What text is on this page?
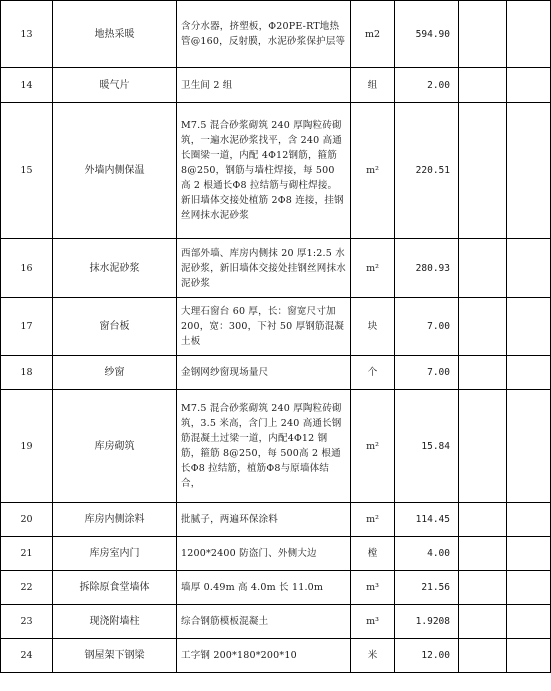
13	地热采暖	含分水器，挤塑板，Φ20PE-RT地热管@160，反射膜，水泥砂浆保护层等	m2	594.90		
14	暖气片	卫生间 2 组	组	2.00		
15	外墙内侧保温	M7.5 混合砂浆砌筑 240 厚陶粒砖砌筑，一遍水泥砂浆找平，含 240 高通长圈梁一道，内配 4Φ12钢筋，箍筋 8@250，钢筋与墙柱焊接，每 500 高 2 根通长Φ8 拉结筋与砌柱焊接。新旧墙体交接处植筋 2Φ8 连接，挂钢丝网抹水泥砂浆	m²	220.51		
16	抹水泥砂浆	西部外墙、库房内侧抹 20 厚1:2.5 水泥砂浆，新旧墙体交接处挂钢丝网抹水泥砂浆	m²	280.93		
17	窗台板	大理石窗台 60 厚，长：窗宽尺寸加 200，宽：300，下衬 50 厚钢筋混凝土板	块	7.00		
18	纱窗	金钢网纱窗现场量尺	个	7.00		
19	库房砌筑	M7.5 混合砂浆砌筑 240 厚陶粒砖砌筑，3.5 米高，含门上 240 高通长钢筋混凝土过梁一道，内配4Φ12 钢筋，箍筋 8@250，每 500高 2 根通长Φ8 拉结筋，植筋Φ8与原墙体结合，	m²	15.84		
20	库房内侧涂料	批腻子，两遍环保涂料	m²	114.45		
21	库房室内门	1200*2400 防盗门、外侧大边	樘	4.00		
22	拆除原食堂墙体	墙厚 0.49m 高 4.0m 长 11.0m	m³	21.56		
23	现浇附墙柱	综合钢筋模板混凝土	m³	1.9208		
24	钢屋架下钢梁	工字钢 200*180*200*10	米	12.00		
